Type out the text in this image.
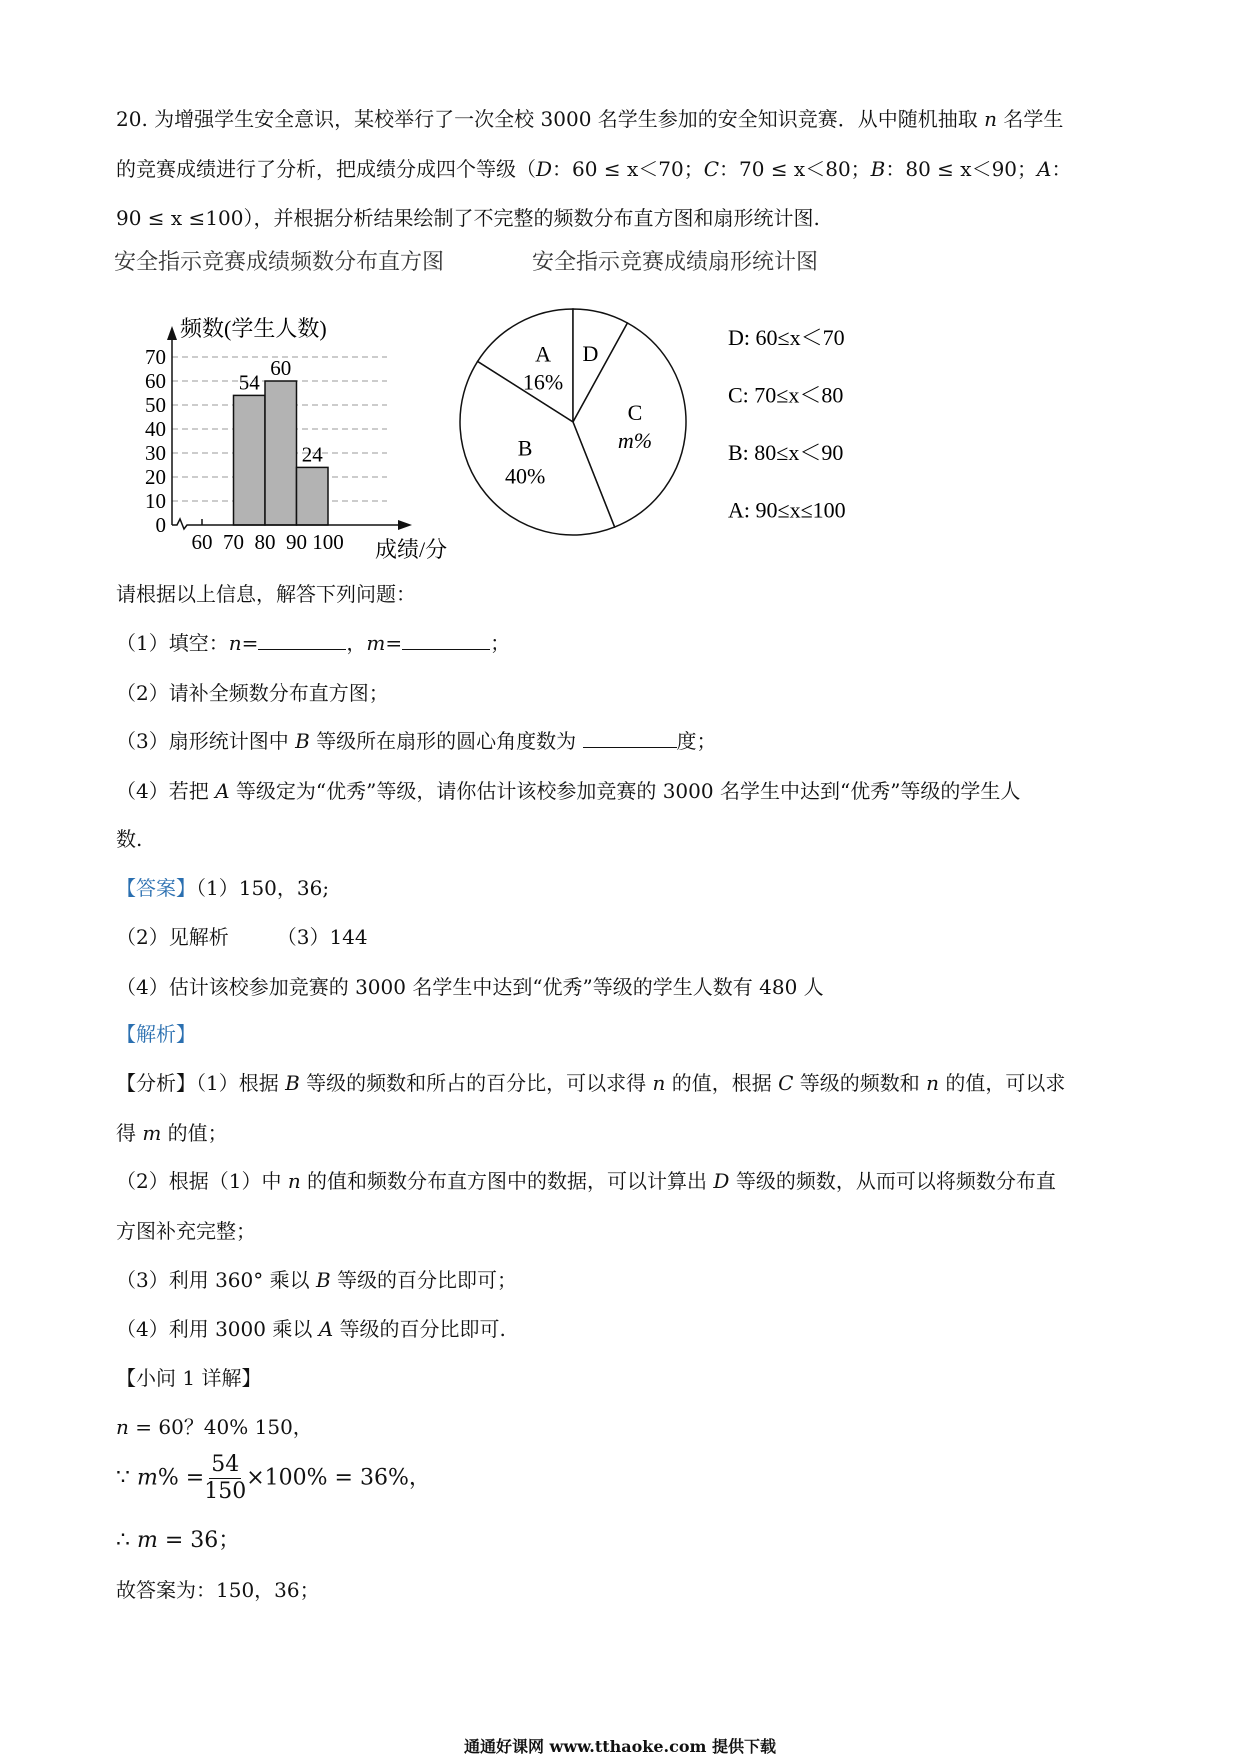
20. 为增强学生安全意识，某校举行了一次全校 3000 名学生参加的安全知识竞赛．从中随机抽取 n 名学生
的竞赛成绩进行了分析，把成绩分成四个等级（D：60 ≤ x＜70；C：70 ≤ x＜80；B：80 ≤ x＜90；A：
90 ≤ x ≤100），并根据分析结果绘制了不完整的频数分布直方图和扇形统计图.
安全指示竞赛成绩频数分布直方图	安全指示竞赛成绩扇形统计图
0
10
20
30
40
50
60
70
54
60
24
60 70 80 90 100
频数(学生人数)
成绩/分
A
16%
D
C
m%
B
40%
D: 60≤x＜70
C: 70≤x＜80
B: 80≤x＜90
A: 90≤x≤100
请根据以上信息，解答下列问题：
（1）填空：n=	，m=	；
（2）请补全频数分布直方图；
（3）扇形统计图中 B 等级所在扇形的圆心角度数为	度；
（4）若把 A 等级定为“优秀”等级，请你估计该校参加竞赛的 3000 名学生中达到“优秀”等级的学生人
数.
【答案】（1）150，36;
（2）见解析 （3）144
（4）估计该校参加竞赛的 3000 名学生中达到“优秀”等级的学生人数有 480 人
【解析】
【分析】（1）根据 B 等级的频数和所占的百分比，可以求得 n 的值，根据 C 等级的频数和 n 的值，可以求
得 m 的值；
（2）根据（1）中 n 的值和频数分布直方图中的数据，可以计算出 D 等级的频数，从而可以将频数分布直
方图补充完整；
（3）利用 360° 乘以 B 等级的百分比即可；
（4）利用 3000 乘以 A 等级的百分比即可.
【小问 1 详解】
n = 60？40% 150，
∵ $m\% = \frac{54}{150} \times 100\% = 36\%$，
∴ m = 36；
故答案为：150，36；
通通好课网 www.tthaoke.com 提供下载
